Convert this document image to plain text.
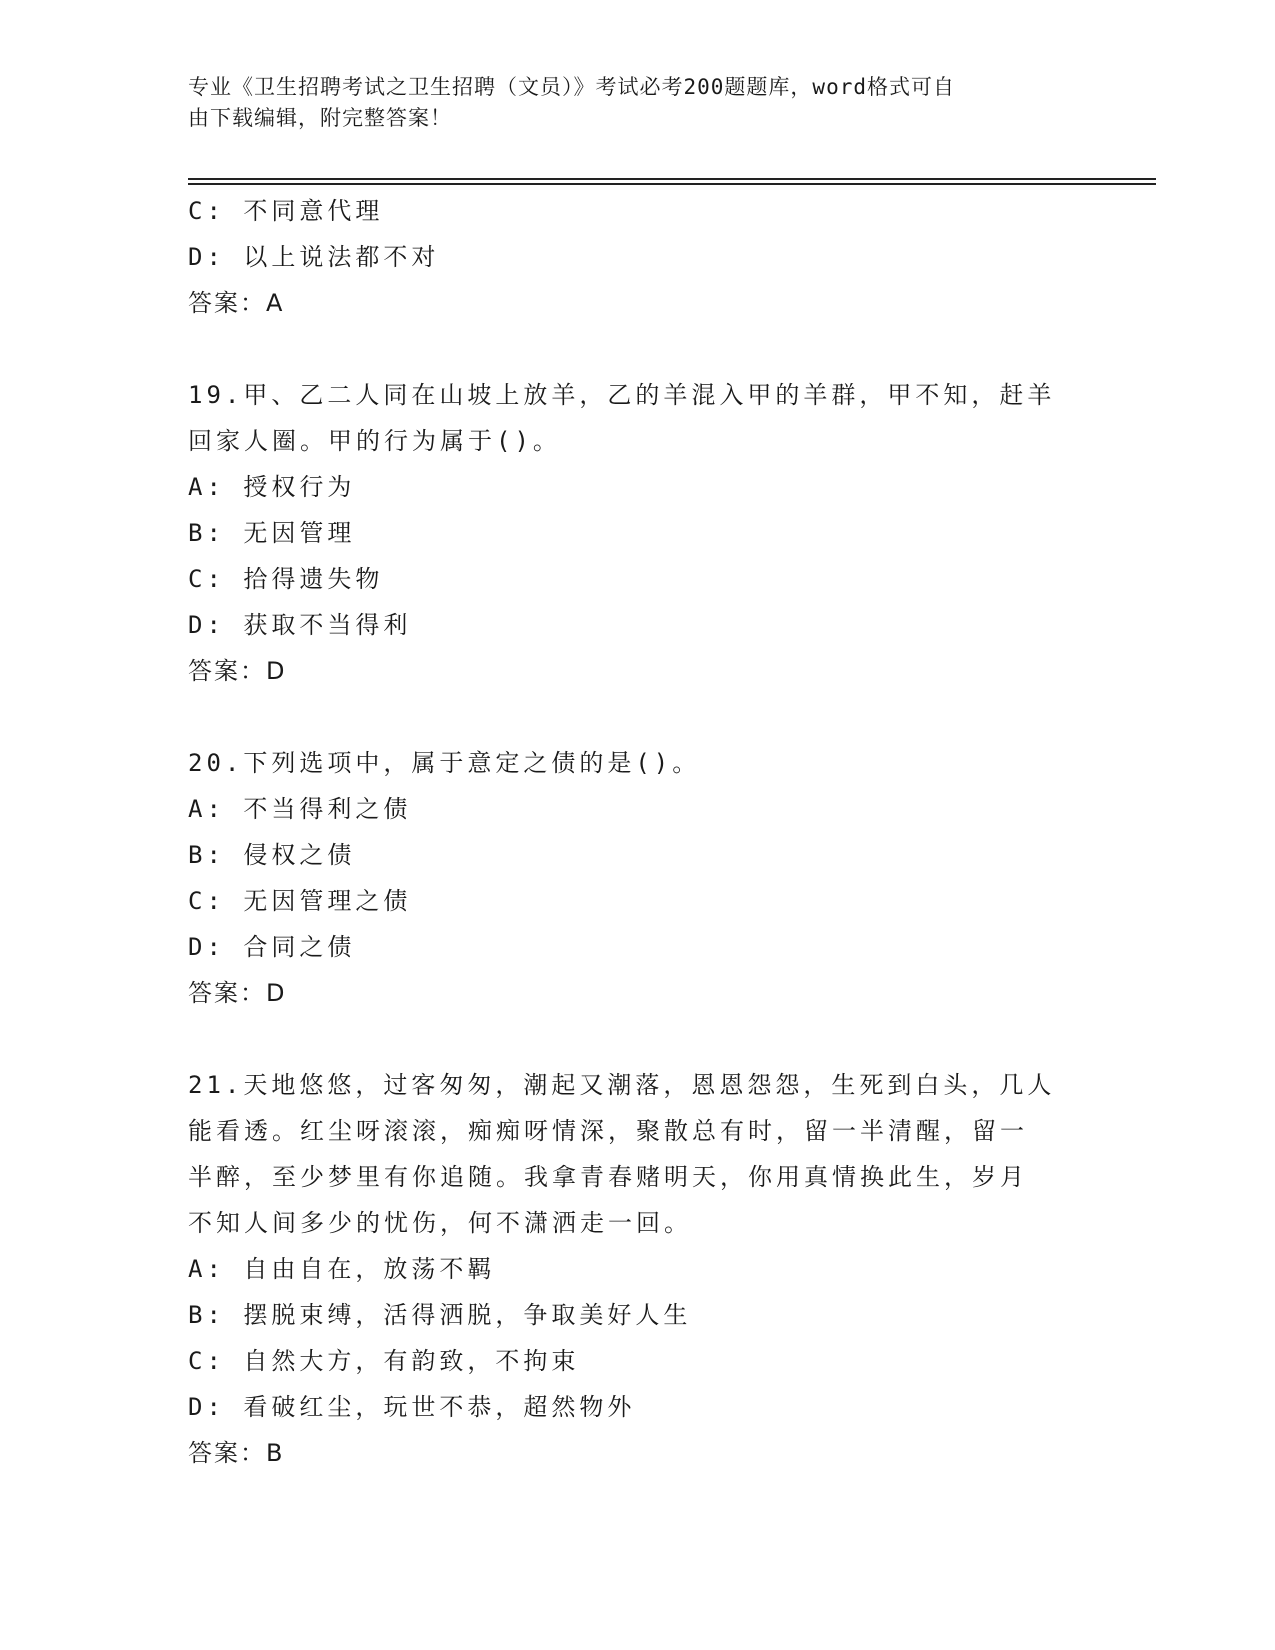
专业《卫生招聘考试之卫生招聘（文员）》考试必考200题题库，word格式可自
由下载编辑，附完整答案！
C: 不同意代理
D: 以上说法都不对
答案：A
19.甲、乙二人同在山坡上放羊，乙的羊混入甲的羊群，甲不知，赶羊
回家人圈。甲的行为属于()。
A: 授权行为
B: 无因管理
C: 拾得遗失物
D: 获取不当得利
答案：D
20.下列选项中，属于意定之债的是()。
A: 不当得利之债
B: 侵权之债
C: 无因管理之债
D: 合同之债
答案：D
21.天地悠悠，过客匆匆，潮起又潮落，恩恩怨怨，生死到白头，几人
能看透。红尘呀滚滚，痴痴呀情深，聚散总有时，留一半清醒，留一
半醉，至少梦里有你追随。我拿青春赌明天，你用真情换此生，岁月
不知人间多少的忧伤，何不潇洒走一回。
A: 自由自在，放荡不羁
B: 摆脱束缚，活得洒脱，争取美好人生
C: 自然大方，有韵致，不拘束
D: 看破红尘，玩世不恭，超然物外
答案：B
